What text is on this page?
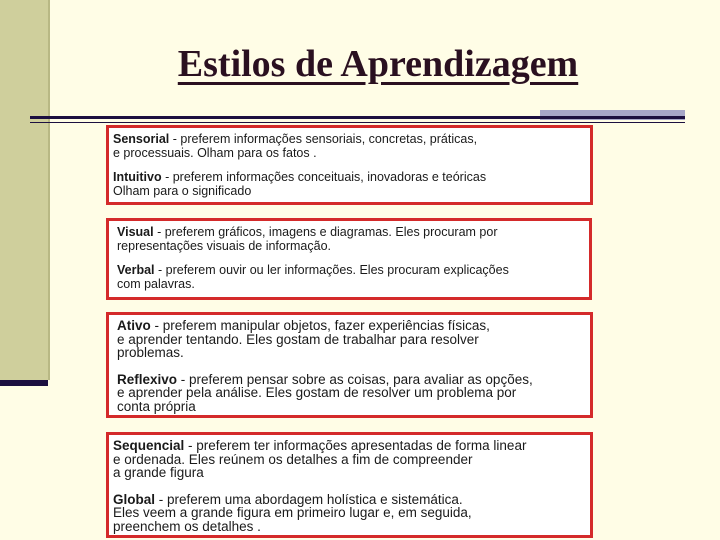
Estilos de Aprendizagem
Sensorial - preferem informações sensoriais, concretas, práticas,
e processuais. Olham para os fatos .
Intuitivo - preferem informações conceituais, inovadoras e teóricas
Olham para o significado
Visual - preferem gráficos, imagens e diagramas. Eles procuram por
representações visuais de informação.
Verbal - preferem ouvir ou ler informações. Eles procuram explicações
com palavras.
Ativo - preferem manipular objetos, fazer experiências físicas,
e aprender tentando. Eles gostam de trabalhar para resolver
problemas.
Reflexivo - preferem pensar sobre as coisas, para avaliar as opções,
e aprender pela análise. Eles gostam de resolver um problema por
conta própria
Sequencial - preferem ter informações apresentadas de forma linear
e ordenada. Eles reúnem os detalhes a fim de compreender
a grande figura
Global - preferem uma abordagem holística e sistemática.
Eles veem a grande figura em primeiro lugar e, em seguida,
preenchem os detalhes .
